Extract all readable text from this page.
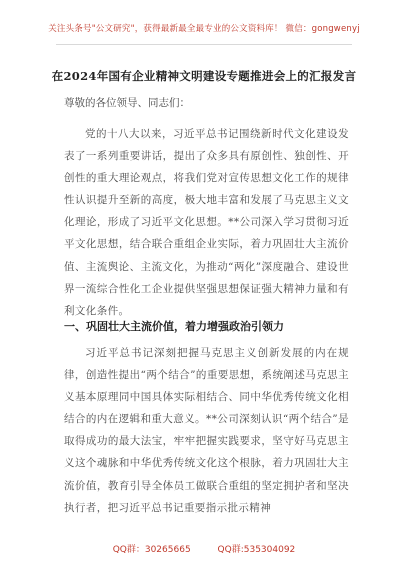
关注头条号"公文研究"，获得最新最全最专业的公文资料库！ 微信：gongwenyj
在2024年国有企业精神文明建设专题推进会上的汇报发言
尊敬的各位领导、同志们：

党的十八大以来，习近平总书记围绕新时代文化建设发表了一系列重要讲话，提出了众多具有原创性、独创性、开创性的重大理论观点，将我们党对宣传思想文化工作的规律性认识提升至新的高度，极大地丰富和发展了马克思主义文化理论，形成了习近平文化思想。**公司深入学习贯彻习近平文化思想，结合联合重组企业实际，着力巩固壮大主流价值、主流舆论、主流文化，为推动“两化”深度融合、建设世界一流综合性化工企业提供坚强思想保证强大精神力量和有利文化条件。

一、巩固壮大主流价值，着力增强政治引领力

习近平总书记深刻把握马克思主义创新发展的内在规律，创造性提出“两个结合”的重要思想，系统阐述马克思主义基本原理同中国具体实际相结合、同中华优秀传统文化相结合的内在逻辑和重大意义。**公司深刻认识“两个结合”是取得成功的最大法宝，牢牢把握实践要求，坚守好马克思主义这个魂脉和中华优秀传统文化这个根脉，着力巩固壮大主流价值，教育引导全体员工做联合重组的坚定拥护者和坚决执行者，把习近平总书记重要指示批示精神

QQ群：30265665	QQ群:535304092
